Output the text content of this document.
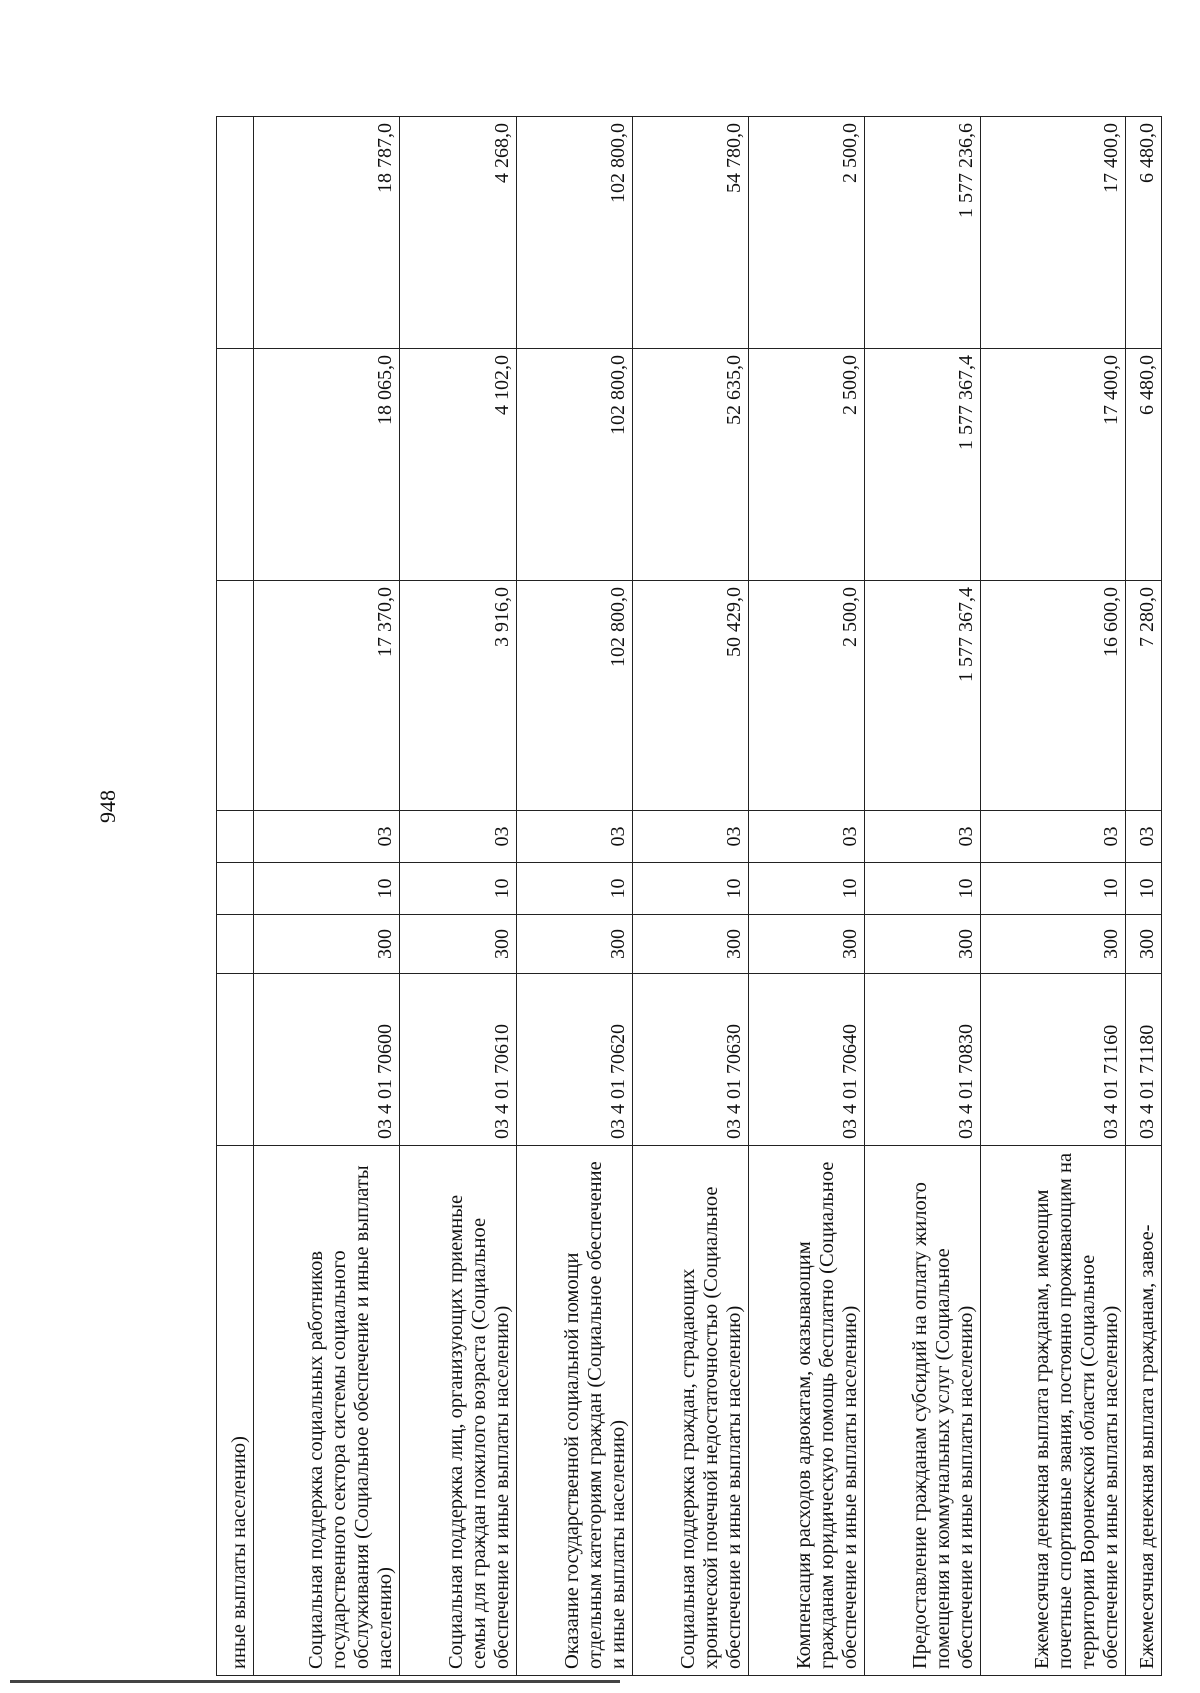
948
иные выплаты населению)							
Социальная поддержка социальных работников государственного сектора системы социального обслуживания (Социальное обеспечение и иные выплаты населению)	03 4 01 70600	300	10	03	17 370,0	18 065,0	18 787,0
Социальная поддержка лиц, организующих приемные семьи для граждан пожилого возраста (Социальное обеспечение и иные выплаты населению)	03 4 01 70610	300	10	03	3 916,0	4 102,0	4 268,0
Оказание государственной социальной помощи отдельным категориям граждан (Социальное обеспечение и иные выплаты населению)	03 4 01 70620	300	10	03	102 800,0	102 800,0	102 800,0
Социальная поддержка граждан, страдающих хронической почечной недостаточностью (Социальное обеспечение и иные выплаты населению)	03 4 01 70630	300	10	03	50 429,0	52 635,0	54 780,0
Компенсация расходов адвокатам, оказывающим гражданам юридическую помощь бесплатно (Социальное обеспечение и иные выплаты населению)	03 4 01 70640	300	10	03	2 500,0	2 500,0	2 500,0
Предоставление гражданам субсидий на оплату жилого помещения и коммунальных услуг (Социальное обеспечение и иные выплаты населению)	03 4 01 70830	300	10	03	1 577 367,4	1 577 367,4	1 577 236,6
Ежемесячная денежная выплата гражданам, имеющим почетные спортивные звания, постоянно проживающим на территории Воронежской области (Социальное обеспечение и иные выплаты населению)	03 4 01 71160	300	10	03	16 600,0	17 400,0	17 400,0
Ежемесячная денежная выплата гражданам, завое-	03 4 01 71180	300	10	03	7 280,0	6 480,0	6 480,0
